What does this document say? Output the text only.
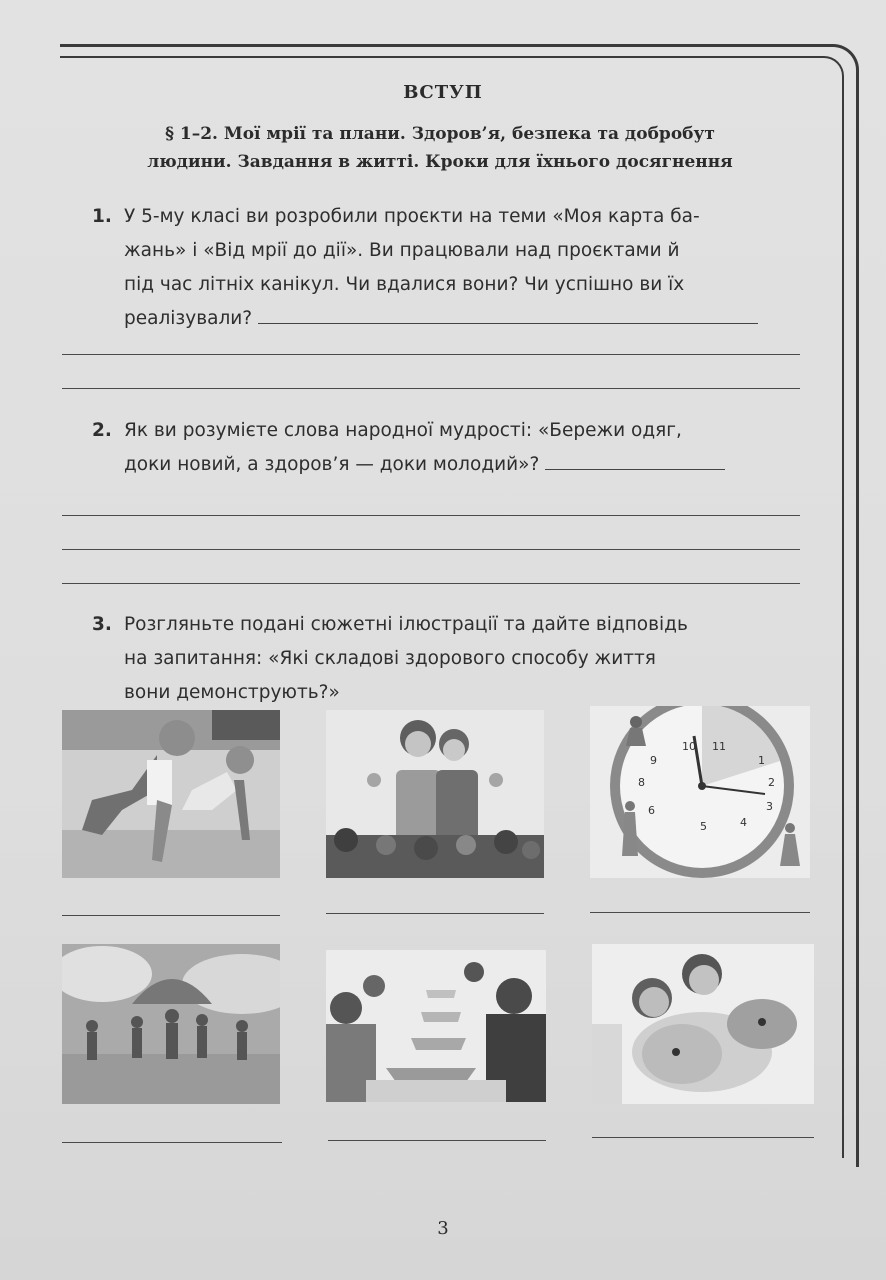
ВСТУП
§ 1–2. Мої мрії та плани. Здоров’я, безпека та добробут
людини. Завдання в житті. Кроки для їхнього досягнення
1. У 5-му класі ви розробили проєкти на теми «Моя карта ба-
жань» і «Від мрії до дії». Ви працювали над проєктами й
під час літніх канікул. Чи вдалися вони? Чи успішно ви їх
реалізували?
2. Як ви розумієте слова народної мудрості: «Бережи одяг,
доки новий, а здоров’я — доки молодий»?
3. Розгляньте подані сюжетні ілюстрації та дайте відповідь
на запитання: «Які складові здорового способу життя
вони демонструють?»
10 11
1
2
9
3
8
6
5	4
3
